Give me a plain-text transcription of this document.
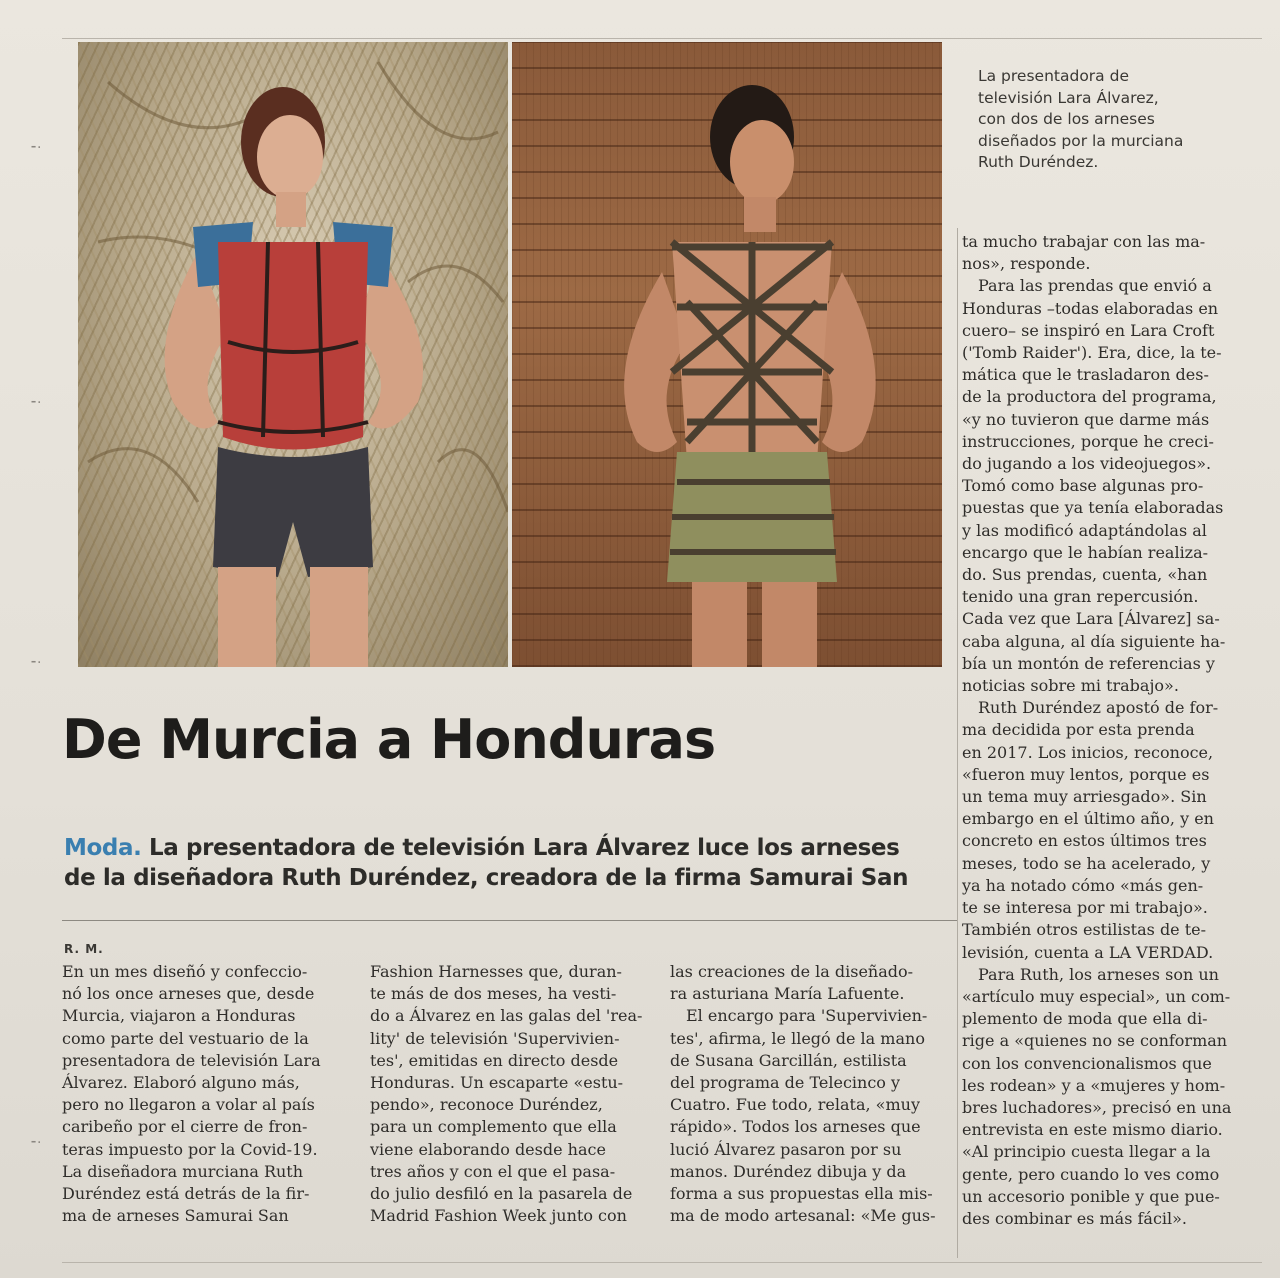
⁃⋅
⁃⋅
⁃⋅
⁃⋅
La presentadora de
televisión Lara Álvarez,
con dos de los arneses
diseñados por la murciana
Ruth Duréndez.
De Murcia a Honduras
Moda. La presentadora de televisión Lara Álvarez luce los arneses
de la diseñadora Ruth Duréndez, creadora de la firma Samurai San
R. M.
En un mes diseñó y confeccio-
nó los once arneses que, desde
Murcia, viajaron a Honduras
como parte del vestuario de la
presentadora de televisión Lara
Álvarez. Elaboró alguno más,
pero no llegaron a volar al país
caribeño por el cierre de fron-
teras impuesto por la Covid-19.
La diseñadora murciana Ruth
Duréndez está detrás de la fir-
ma de arneses Samurai San
Fashion Harnesses que, duran-
te más de dos meses, ha vesti-
do a Álvarez en las galas del 'rea-
lity' de televisión 'Supervivien-
tes', emitidas en directo desde
Honduras. Un escaparte «estu-
pendo», reconoce Duréndez,
para un complemento que ella
viene elaborando desde hace
tres años y con el que el pasa-
do julio desfiló en la pasarela de
Madrid Fashion Week junto con
las creaciones de la diseñado-
ra asturiana María Lafuente.
El encargo para 'Supervivien-
tes', afirma, le llegó de la mano
de Susana Garcillán, estilista
del programa de Telecinco y
Cuatro. Fue todo, relata, «muy
rápido». Todos los arneses que
lució Álvarez pasaron por su
manos. Duréndez dibuja y da
forma a sus propuestas ella mis-
ma de modo artesanal: «Me gus-
ta mucho trabajar con las ma-
nos», responde.
Para las prendas que envió a
Honduras –todas elaboradas en
cuero– se inspiró en Lara Croft
('Tomb Raider'). Era, dice, la te-
mática que le trasladaron des-
de la productora del programa,
«y no tuvieron que darme más
instrucciones, porque he creci-
do jugando a los videojuegos».
Tomó como base algunas pro-
puestas que ya tenía elaboradas
y las modificó adaptándolas al
encargo que le habían realiza-
do. Sus prendas, cuenta, «han
tenido una gran repercusión.
Cada vez que Lara [Álvarez] sa-
caba alguna, al día siguiente ha-
bía un montón de referencias y
noticias sobre mi trabajo».
Ruth Duréndez apostó de for-
ma decidida por esta prenda
en 2017. Los inicios, reconoce,
«fueron muy lentos, porque es
un tema muy arriesgado». Sin
embargo en el último año, y en
concreto en estos últimos tres
meses, todo se ha acelerado, y
ya ha notado cómo «más gen-
te se interesa por mi trabajo».
También otros estilistas de te-
levisión, cuenta a LA VERDAD.
Para Ruth, los arneses son un
«artículo muy especial», un com-
plemento de moda que ella di-
rige a «quienes no se conforman
con los convencionalismos que
les rodean» y a «mujeres y hom-
bres luchadores», precisó en una
entrevista en este mismo diario.
«Al principio cuesta llegar a la
gente, pero cuando lo ves como
un accesorio ponible y que pue-
des combinar es más fácil».
